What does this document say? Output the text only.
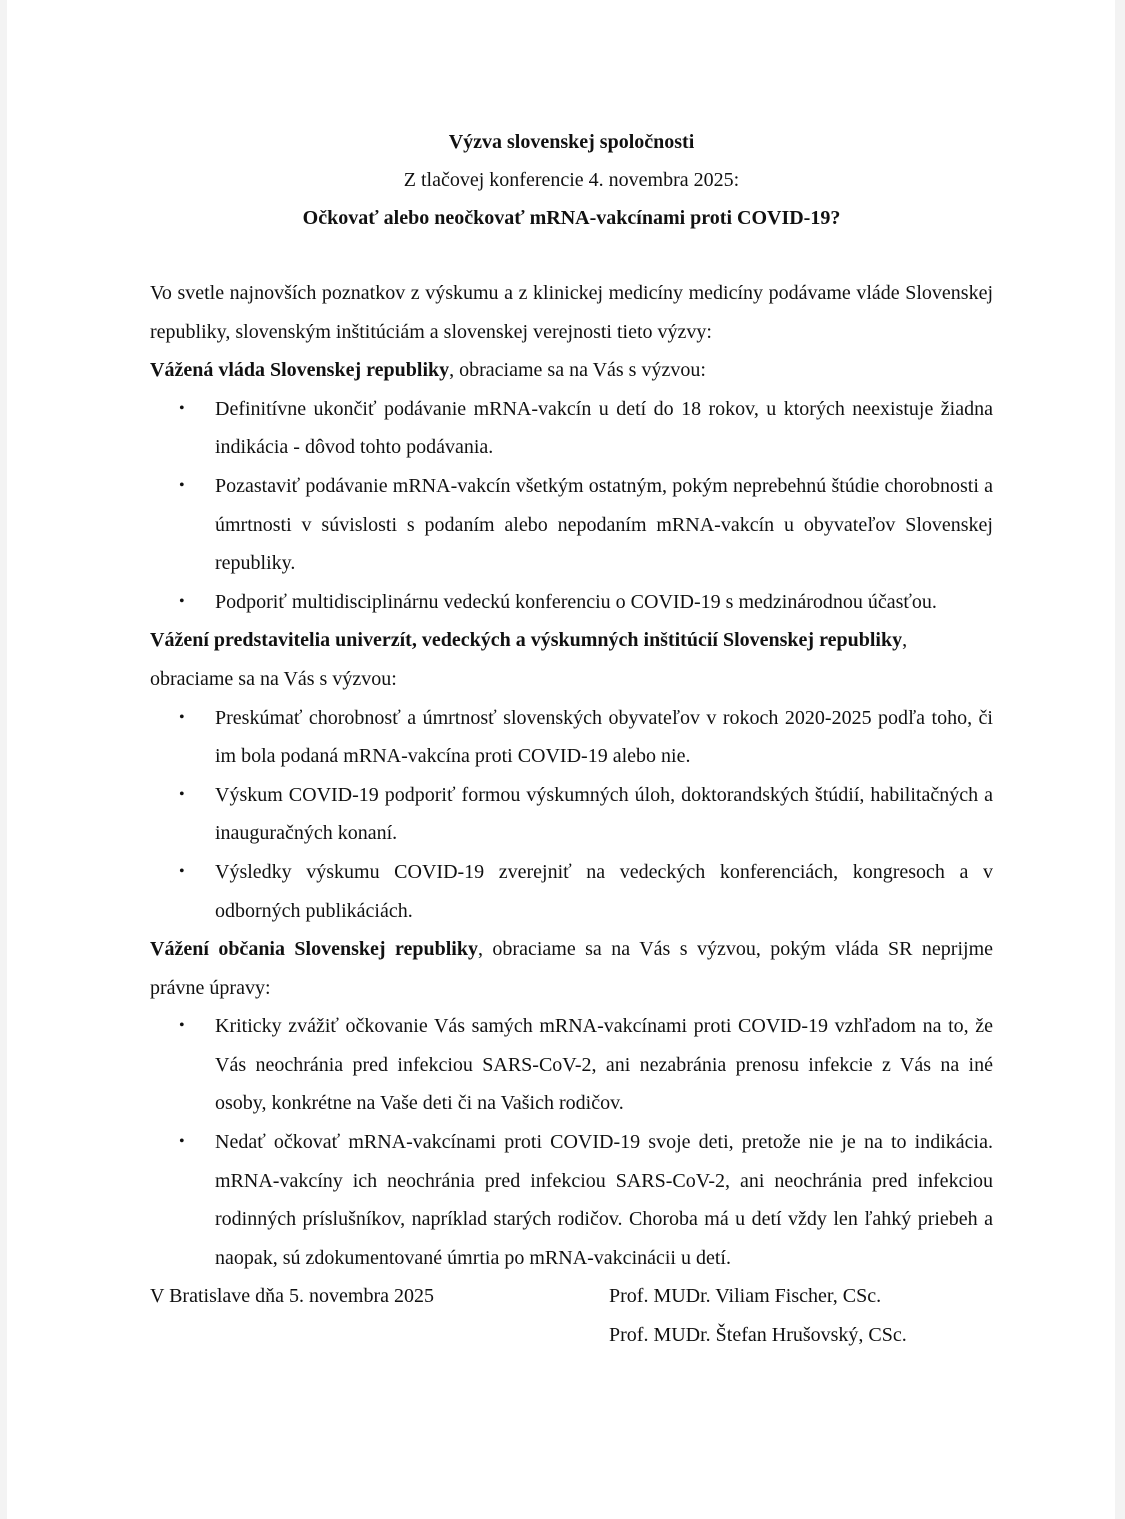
Výzva slovenskej spoločnosti

Z tlačovej konferencie 4. novembra 2025:

Očkovať alebo neočkovať mRNA-vakcínami proti COVID-19?

Vo svetle najnovších poznatkov z výskumu a z klinickej medicíny medicíny podávame vláde Slovenskej republiky, slovenským inštitúciám a slovenskej verejnosti tieto výzvy:

Vážená vláda Slovenskej republiky, obraciame sa na Vás s výzvou:

• Definitívne ukončiť podávanie mRNA-vakcín u detí do 18 rokov, u ktorých neexistuje žiadna indikácia - dôvod tohto podávania.
• Pozastaviť podávanie mRNA-vakcín všetkým ostatným, pokým neprebehnú štúdie chorobnosti a úmrtnosti v súvislosti s podaním alebo nepodaním mRNA-vakcín u obyvateľov Slovenskej republiky.
• Podporiť multidisciplinárnu vedeckú konferenciu o COVID-19 s medzinárodnou účasťou.

Vážení predstavitelia univerzít, vedeckých a výskumných inštitúcií Slovenskej republiky, obraciame sa na Vás s výzvou:

• Preskúmať chorobnosť a úmrtnosť slovenských obyvateľov v rokoch 2020-2025 podľa toho, či im bola podaná mRNA-vakcína proti COVID-19 alebo nie.
• Výskum COVID-19 podporiť formou výskumných úloh, doktorandských štúdií, habilitačných a inauguračných konaní.
• Výsledky výskumu COVID-19 zverejniť na vedeckých konferenciách, kongresoch a v odborných publikáciách.

Vážení občania Slovenskej republiky, obraciame sa na Vás s výzvou, pokým vláda SR neprijme právne úpravy:

• Kriticky zvážiť očkovanie Vás samých mRNA-vakcínami proti COVID-19 vzhľadom na to, že Vás neochránia pred infekciou SARS-CoV-2, ani nezabránia prenosu infekcie z Vás na iné osoby, konkrétne na Vaše deti či na Vašich rodičov.
• Nedať očkovať mRNA-vakcínami proti COVID-19 svoje deti, pretože nie je na to indikácia. mRNA-vakcíny ich neochránia pred infekciou SARS-CoV-2, ani neochránia pred infekciou rodinných príslušníkov, napríklad starých rodičov. Choroba má u detí vždy len ľahký priebeh a naopak, sú zdokumentované úmrtia po mRNA-vakcinácii u detí.
V Bratislave dňa 5. novembra 2025	Prof. MUDr. Viliam Fischer, CSc.
Prof. MUDr. Štefan Hrušovský, CSc.
